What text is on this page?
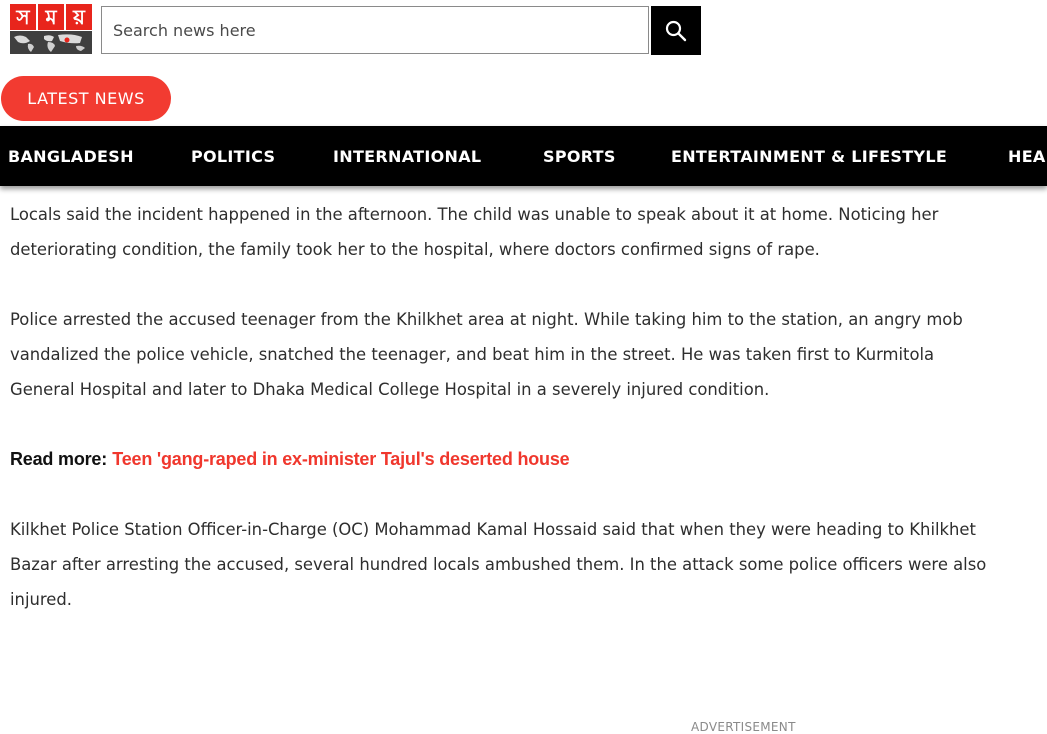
স ম য়
Search news here
LATEST NEWS
BANGLADESH	POLITICS	INTERNATIONAL	SPORTS	ENTERTAINMENT & LIFESTYLE	HEA

Locals said the incident happened in the afternoon. The child was unable to speak about it at home. Noticing her deteriorating condition, the family took her to the hospital, where doctors confirmed signs of rape.

Police arrested the accused teenager from the Khilkhet area at night. While taking him to the station, an angry mob vandalized the police vehicle, snatched the teenager, and beat him in the street. He was taken first to Kurmitola General Hospital and later to Dhaka Medical College Hospital in a severely injured condition.

Read more: Teen 'gang-raped in ex-minister Tajul's deserted house

Kilkhet Police Station Officer-in-Charge (OC) Mohammad Kamal Hossaid said that when they were heading to Khilkhet Bazar after arresting the accused, several hundred locals ambushed them. In the attack some police officers were also injured.

ADVERTISEMENT
